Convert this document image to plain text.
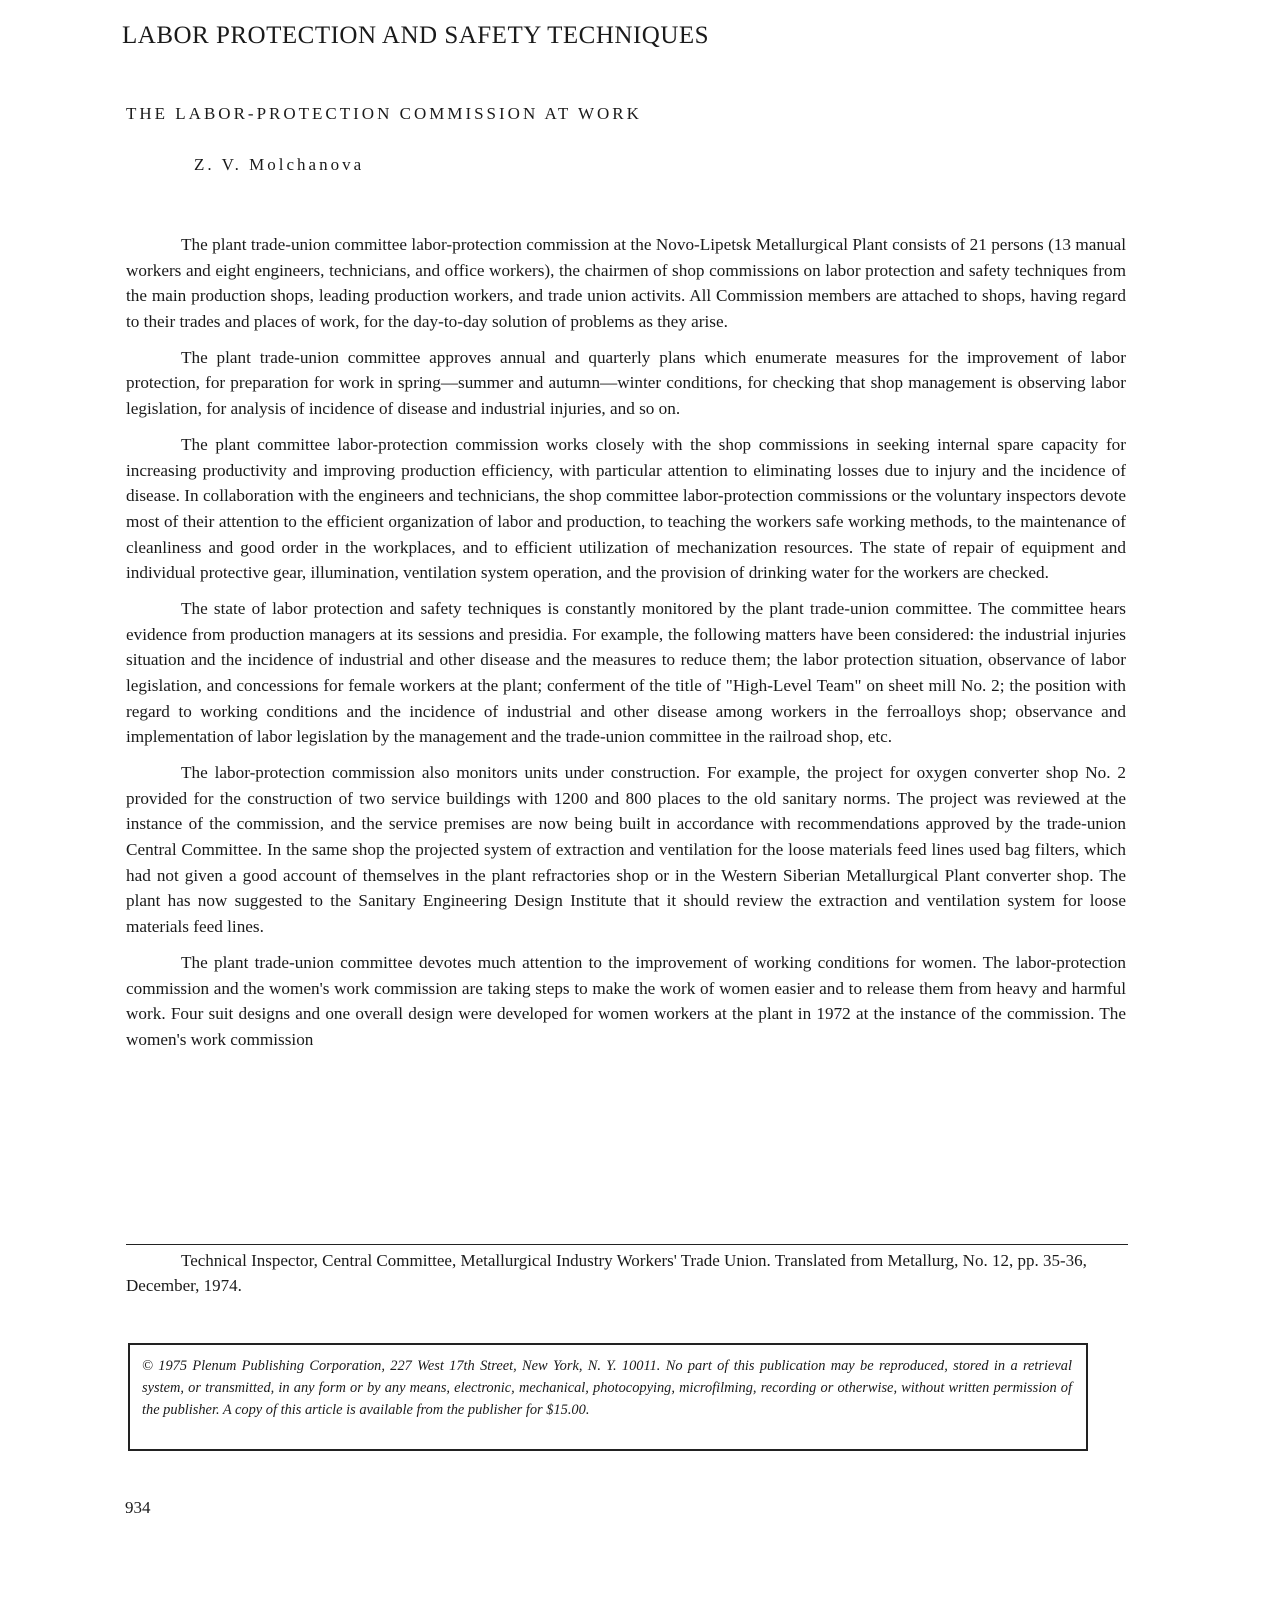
LABOR PROTECTION AND SAFETY TECHNIQUES
THE LABOR-PROTECTION COMMISSION AT WORK
Z. V. Molchanova

The plant trade-union committee labor-protection commission at the Novo-Lipetsk Metallurgical Plant consists of 21 persons (13 manual workers and eight engineers, technicians, and office workers), the chairmen of shop commissions on labor protection and safety techniques from the main production shops, leading production workers, and trade union activits. All Commission members are attached to shops, having regard to their trades and places of work, for the day-to-day solution of problems as they arise.

The plant trade-union committee approves annual and quarterly plans which enumerate measures for the improvement of labor protection, for preparation for work in spring—summer and autumn—winter conditions, for checking that shop management is observing labor legislation, for analysis of incidence of disease and industrial injuries, and so on.

The plant committee labor-protection commission works closely with the shop commissions in seeking internal spare capacity for increasing productivity and improving production efficiency, with particular attention to eliminating losses due to injury and the incidence of disease. In collaboration with the engineers and technicians, the shop committee labor-protection commissions or the voluntary inspectors devote most of their attention to the efficient organization of labor and production, to teaching the workers safe working methods, to the maintenance of cleanliness and good order in the workplaces, and to efficient utilization of mechanization resources. The state of repair of equipment and individual protective gear, illumination, ventilation system operation, and the provision of drinking water for the workers are checked.

The state of labor protection and safety techniques is constantly monitored by the plant trade-union committee. The committee hears evidence from production managers at its sessions and presidia. For example, the following matters have been considered: the industrial injuries situation and the incidence of industrial and other disease and the measures to reduce them; the labor protection situation, observance of labor legislation, and concessions for female workers at the plant; conferment of the title of "High-Level Team" on sheet mill No. 2; the position with regard to working conditions and the incidence of industrial and other disease among workers in the ferroalloys shop; observance and implementation of labor legislation by the management and the trade-union committee in the railroad shop, etc.

The labor-protection commission also monitors units under construction. For example, the project for oxygen converter shop No. 2 provided for the construction of two service buildings with 1200 and 800 places to the old sanitary norms. The project was reviewed at the instance of the commission, and the service premises are now being built in accordance with recommendations approved by the trade-union Central Committee. In the same shop the projected system of extraction and ventilation for the loose materials feed lines used bag filters, which had not given a good account of themselves in the plant refractories shop or in the Western Siberian Metallurgical Plant converter shop. The plant has now suggested to the Sanitary Engineering Design Institute that it should review the extraction and ventilation system for loose materials feed lines.

The plant trade-union committee devotes much attention to the improvement of working conditions for women. The labor-protection commission and the women's work commission are taking steps to make the work of women easier and to release them from heavy and harmful work. Four suit designs and one overall design were developed for women workers at the plant in 1972 at the instance of the commission. The women's work commission

Technical Inspector, Central Committee, Metallurgical Industry Workers' Trade Union. Translated from Metallurg, No. 12, pp. 35-36, December, 1974.

© 1975 Plenum Publishing Corporation, 227 West 17th Street, New York, N. Y. 10011. No part of this publication may be reproduced, stored in a retrieval system, or transmitted, in any form or by any means, electronic, mechanical, photocopying, microfilming, recording or otherwise, without written permission of the publisher. A copy of this article is available from the publisher for $15.00.

934
